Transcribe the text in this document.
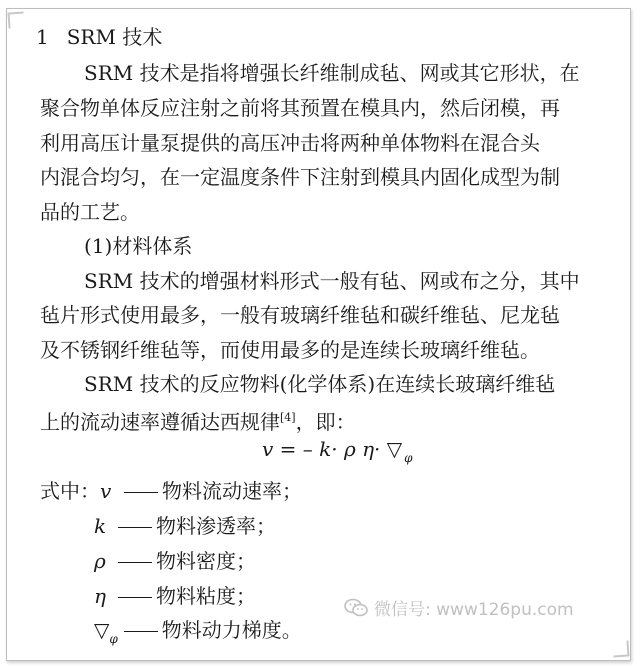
1 SRM 技术
SRM 技术是指将增强长纤维制成毡、网或其它形状，在
聚合物单体反应注射之前将其预置在模具内，然后闭模，再
利用高压计量泵提供的高压冲击将两种单体物料在混合头
内混合均匀，在一定温度条件下注射到模具内固化成型为制
品的工艺。
(1)材料体系
SRM 技术的增强材料形式一般有毡、网或布之分，其中
毡片形式使用最多，一般有玻璃纤维毡和碳纤维毡、尼龙毡
及不锈钢纤维毡等，而使用最多的是连续长玻璃纤维毡。
SRM 技术的反应物料(化学体系)在连续长玻璃纤维毡
上的流动速率遵循达西规律[4]，即：
v = – k· ρ η· ▽ $_\varphi$
式中：v	物料流动速率；
k 物料渗透率；
ρ	物料密度；
η	物料粘度；
$▽_\varphi$ 物料动力梯度。
微信号: www126pu.com
